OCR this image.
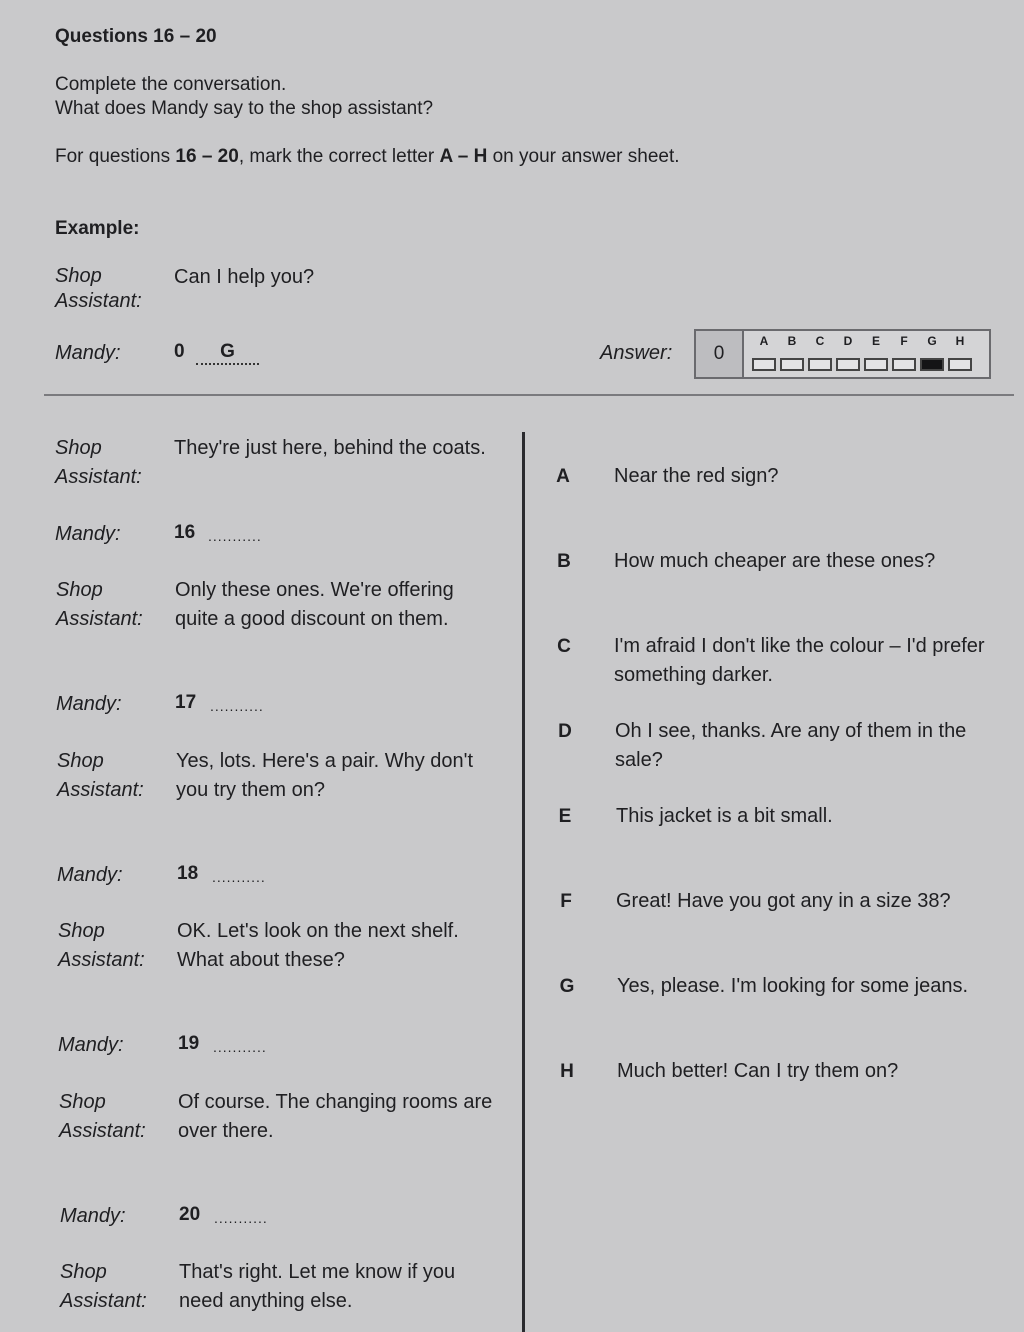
Questions 16 – 20
Complete the conversation.
What does Mandy say to the shop assistant?
For questions 16 – 20, mark the correct letter A – H on your answer sheet.
Example:
Shop
Assistant:
Can I help you?
Mandy:	0	G	Answer:	0
A	B	C	D	E	F	G	H
Shop
Assistant:
They're just here, behind the coats.
Mandy:	16 ...........
Shop
Assistant:
Only these ones. We're offering
quite a good discount on them.
Mandy:	17 ...........
Shop
Assistant:
Yes, lots. Here's a pair. Why don't
you try them on?
Mandy:	18 ...........
Shop
Assistant:
OK. Let's look on the next shelf.
What about these?
Mandy:	19 ...........
Shop
Assistant:
Of course. The changing rooms are
over there.
Mandy:	20 ...........
Shop
Assistant:
That's right. Let me know if you
need anything else.
A Near the red sign?
B How much cheaper are these ones?
C I'm afraid I don't like the colour – I'd prefer
something darker.
D Oh I see, thanks. Are any of them in the
sale?
E This jacket is a bit small.
F Great! Have you got any in a size 38?
G Yes, please. I'm looking for some jeans.
H Much better! Can I try them on?
